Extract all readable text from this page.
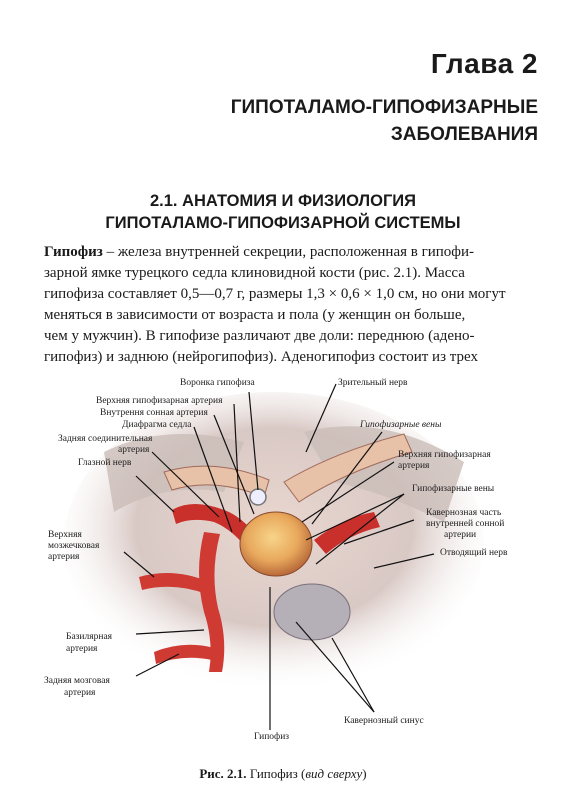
Глава 2
ГИПОТАЛАМО-ГИПОФИЗАРНЫЕ
ЗАБОЛЕВАНИЯ
2.1. АНАТОМИЯ И ФИЗИОЛОГИЯ
ГИПОТАЛАМО-ГИПОФИЗАРНОЙ СИСТЕМЫ
Гипофиз – железа внутренней секреции, расположенная в гипофи-
зарной ямке турецкого седла клиновидной кости (рис. 2.1). Масса
гипофиза составляет 0,5—0,7 г, размеры 1,3 × 0,6 × 1,0 см, но они могут
меняться в зависимости от возраста и пола (у женщин он больше,
чем у мужчин). В гипофизе различают две доли: переднюю (адено-
гипофиз) и заднюю (нейрогипофиз). Аденогипофиз состоит из трех
Воронка гипофиза
Верхняя гипофизарная артерия
Внутрення сонная артерия
Диафрагма седла
Задняя соединительная
артерия
Глазной нерв
Верхняя
мозжечковая
артерия
Базилярная
артерия
Задняя мозговая
артерия
Гипофиз
Зрительный нерв
Гипофизарные вены
Верхняя гипофизарная
артерия
Гипофизарные вены
Кавернозная часть
внутренней сонной
артерии
Отводящий нерв
Кавернозный синус
Рис. 2.1. Гипофиз (вид сверху)
